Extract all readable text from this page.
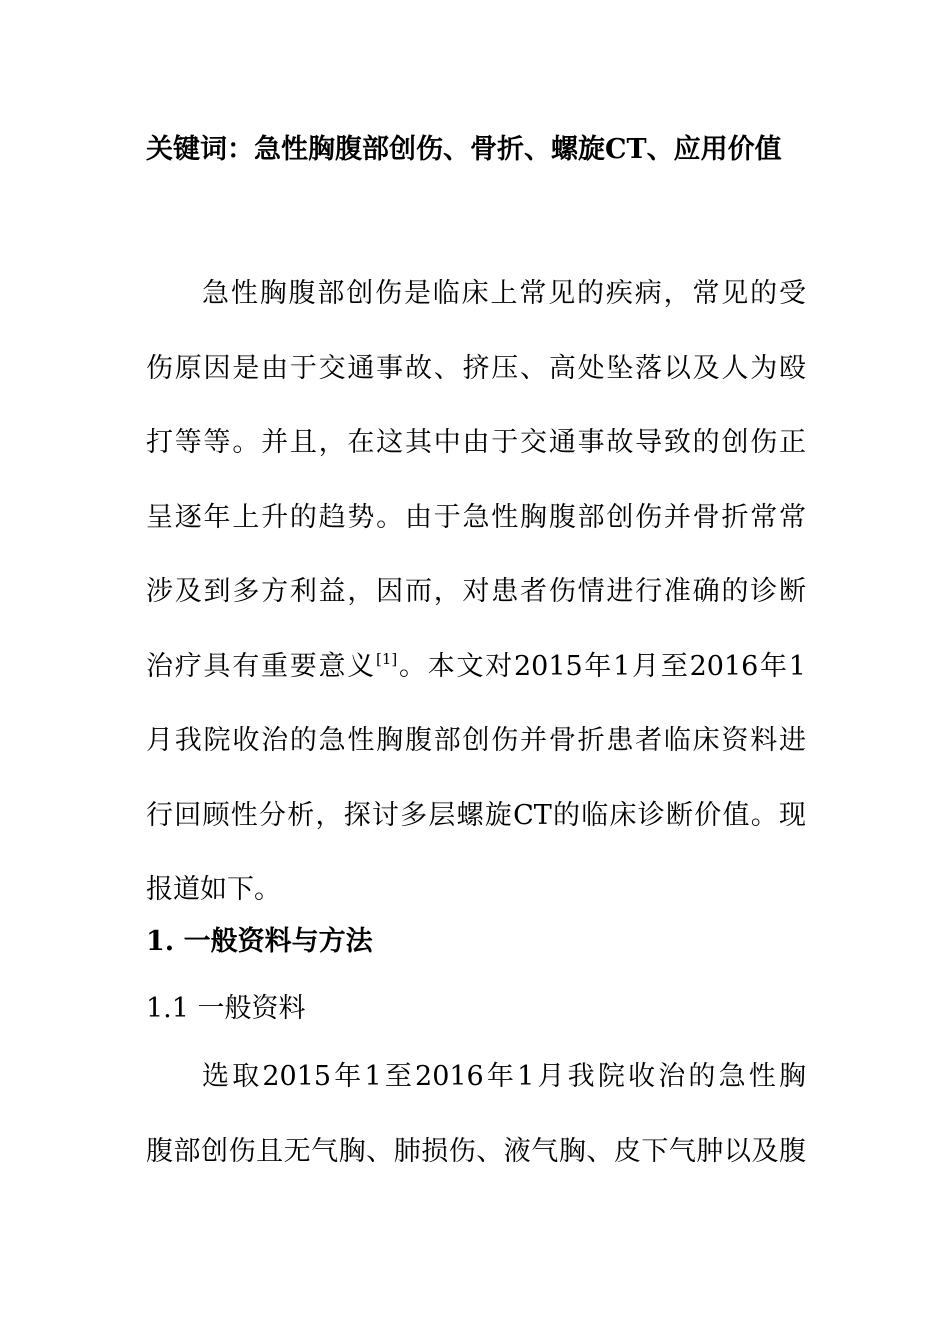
关键词：急性胸腹部创伤、骨折、螺旋CT、应用价值
急性胸腹部创伤是临床上常见的疾病，常见的受
伤原因是由于交通事故、挤压、高处坠落以及人为殴
打等等。并且，在这其中由于交通事故导致的创伤正
呈逐年上升的趋势。由于急性胸腹部创伤并骨折常常
涉及到多方利益，因而，对患者伤情进行准确的诊断
治疗具有重要意义[1]。本文对2015年1月至2016年1
月我院收治的急性胸腹部创伤并骨折患者临床资料进
行回顾性分析，探讨多层螺旋CT的临床诊断价值。现
报道如下。
1. 一般资料与方法
1.1 一般资料
选取2015年1至2016年1月我院收治的急性胸
腹部创伤且无气胸、肺损伤、液气胸、皮下气肿以及腹
